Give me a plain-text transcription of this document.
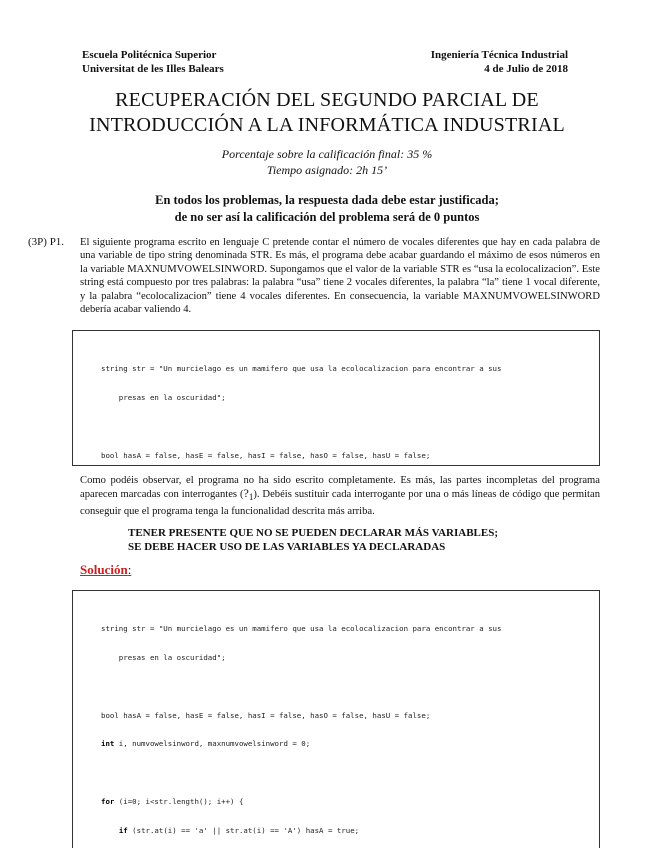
Escuela Politécnica Superior
Universitat de les Illes Balears
Ingeniería Técnica Industrial
4 de Julio de 2018
RECUPERACIÓN DEL SEGUNDO PARCIAL DE
INTRODUCCIÓN A LA INFORMÁTICA INDUSTRIAL
Porcentaje sobre la calificación final: 35 %
Tiempo asignado: 2h 15’
En todos los problemas, la respuesta dada debe estar justificada;
de no ser así la calificación del problema será de 0 puntos
(3P) P1. El siguiente programa escrito en lenguaje C pretende contar el número de vocales diferentes que hay en cada palabra de una variable de tipo string denominada STR. Es más, el programa debe acabar guardando el máximo de esos números en la variable MAXNUMVOWELSINWORD. Supongamos que el valor de la variable STR es “usa la ecolocalizacion”. Este string está compuesto por tres palabras: la palabra “usa” tiene 2 vocales diferentes, la palabra “la” tiene 1 vocal diferente, y la palabra “ecolocalizacion” tiene 4 vocales diferentes. En consecuencia, la variable MAXNUMVOWELSINWORD debería acabar valiendo 4.

string str = "Un murcielago es un mamifero que usa la ecolocalizacion para encontrar a sus

presas en la oscuridad";

bool hasA = false, hasE = false, hasI = false, hasO = false, hasU = false;

Como podéis observar, el programa no ha sido escrito completamente. Es más, las partes incompletas del programa aparecen marcadas con interrogantes $(?_1)$. Debéis sustituir cada interrogante por una o más líneas de código que permitan conseguir que el programa tenga la funcionalidad descrita más arriba.
TENER PRESENTE QUE NO SE PUEDEN DECLARAR MÁS VARIABLES;
SE DEBE HACER USO DE LAS VARIABLES YA DECLARADAS
Solución:

string str = "Un murcielago es un mamifero que usa la ecolocalizacion para encontrar a sus

presas en la oscuridad";

bool hasA = false, hasE = false, hasI = false, hasO = false, hasU = false;

int i, numvowelsinword, maxnumvowelsinword = 0;

for (i=0; i<str.length(); i++) {

if (str.at(i) == 'a' || str.at(i) == 'A') hasA = true;
